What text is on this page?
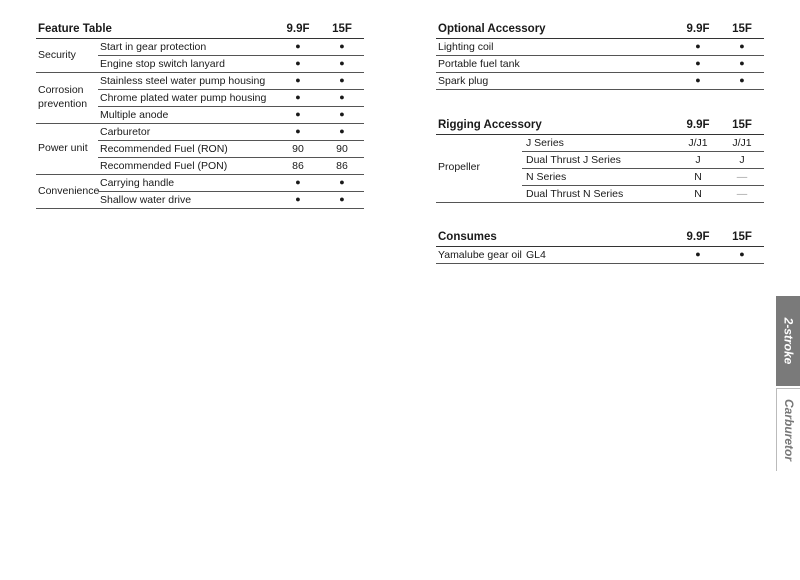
Feature Table	9.9F	15F
Security
Start in gear protection	●	●
Engine stop switch lanyard	●	●
Corrosion prevention
Stainless steel water pump housing	●	●
Chrome plated water pump housing	●	●
Multiple anode	●	●
Power unit
Carburetor	●	●
Recommended Fuel (RON)	90	90
Recommended Fuel (PON)	86	86
Convenience
Carrying handle	●	●
Shallow water drive	●	●
Optional Accessory	9.9F	15F
Lighting coil	●	●
Portable fuel tank	●	●
Spark plug	●	●
Rigging Accessory	9.9F	15F
Propeller
J Series	J/J1	J/J1
Dual Thrust J Series	J	J
N Series	N	—
Dual Thrust N Series	N	—
Consumes	9.9F	15F
Yamalube gear oil GL4	●	●
2-stroke
Carburetor
